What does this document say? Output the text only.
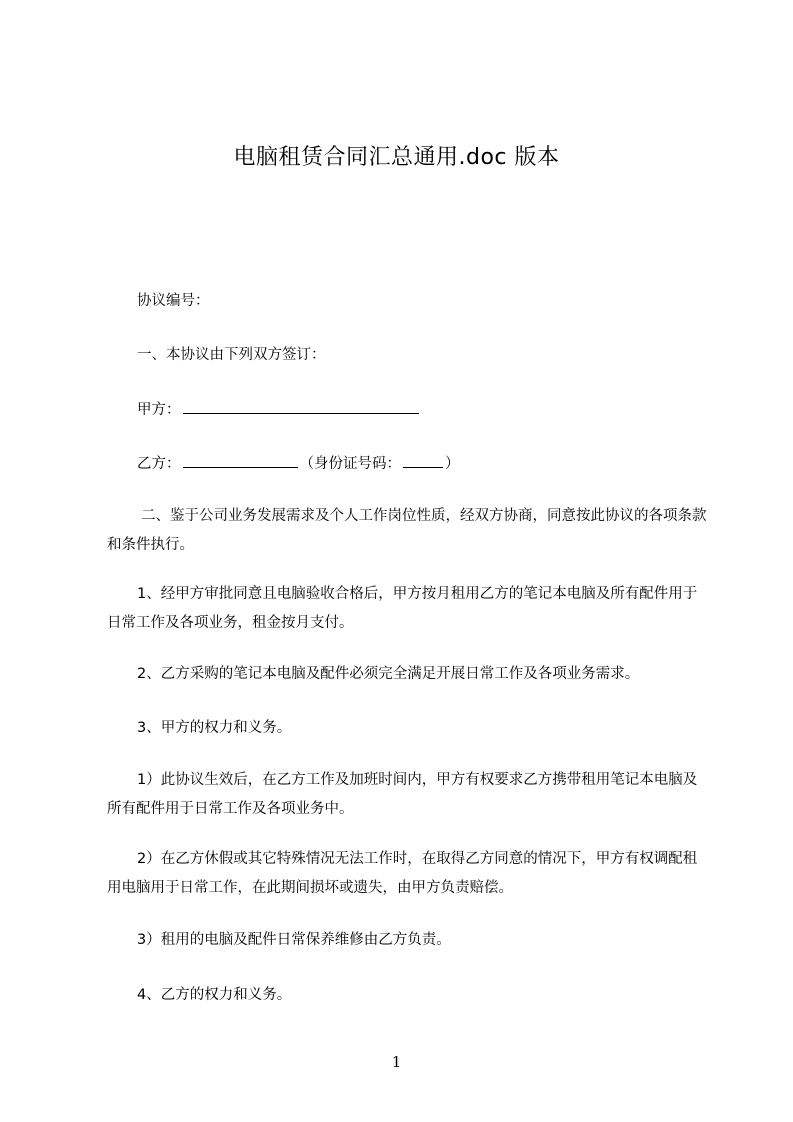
电脑租赁合同汇总通用.doc 版本
协议编号：
一、本协议由下列双方签订：
甲方：
乙方：	（身份证号码：	）
二、鉴于公司业务发展需求及个人工作岗位性质，经双方协商，同意按此协议的各项条款和条件执行。
1、经甲方审批同意且电脑验收合格后，甲方按月租用乙方的笔记本电脑及所有配件用于日常工作及各项业务，租金按月支付。
2、乙方采购的笔记本电脑及配件必须完全满足开展日常工作及各项业务需求。
3、甲方的权力和义务。
1）此协议生效后，在乙方工作及加班时间内，甲方有权要求乙方携带租用笔记本电脑及所有配件用于日常工作及各项业务中。
2）在乙方休假或其它特殊情况无法工作时，在取得乙方同意的情况下，甲方有权调配租用电脑用于日常工作，在此期间损坏或遗失，由甲方负责赔偿。
3）租用的电脑及配件日常保养维修由乙方负责。
4、乙方的权力和义务。
1
